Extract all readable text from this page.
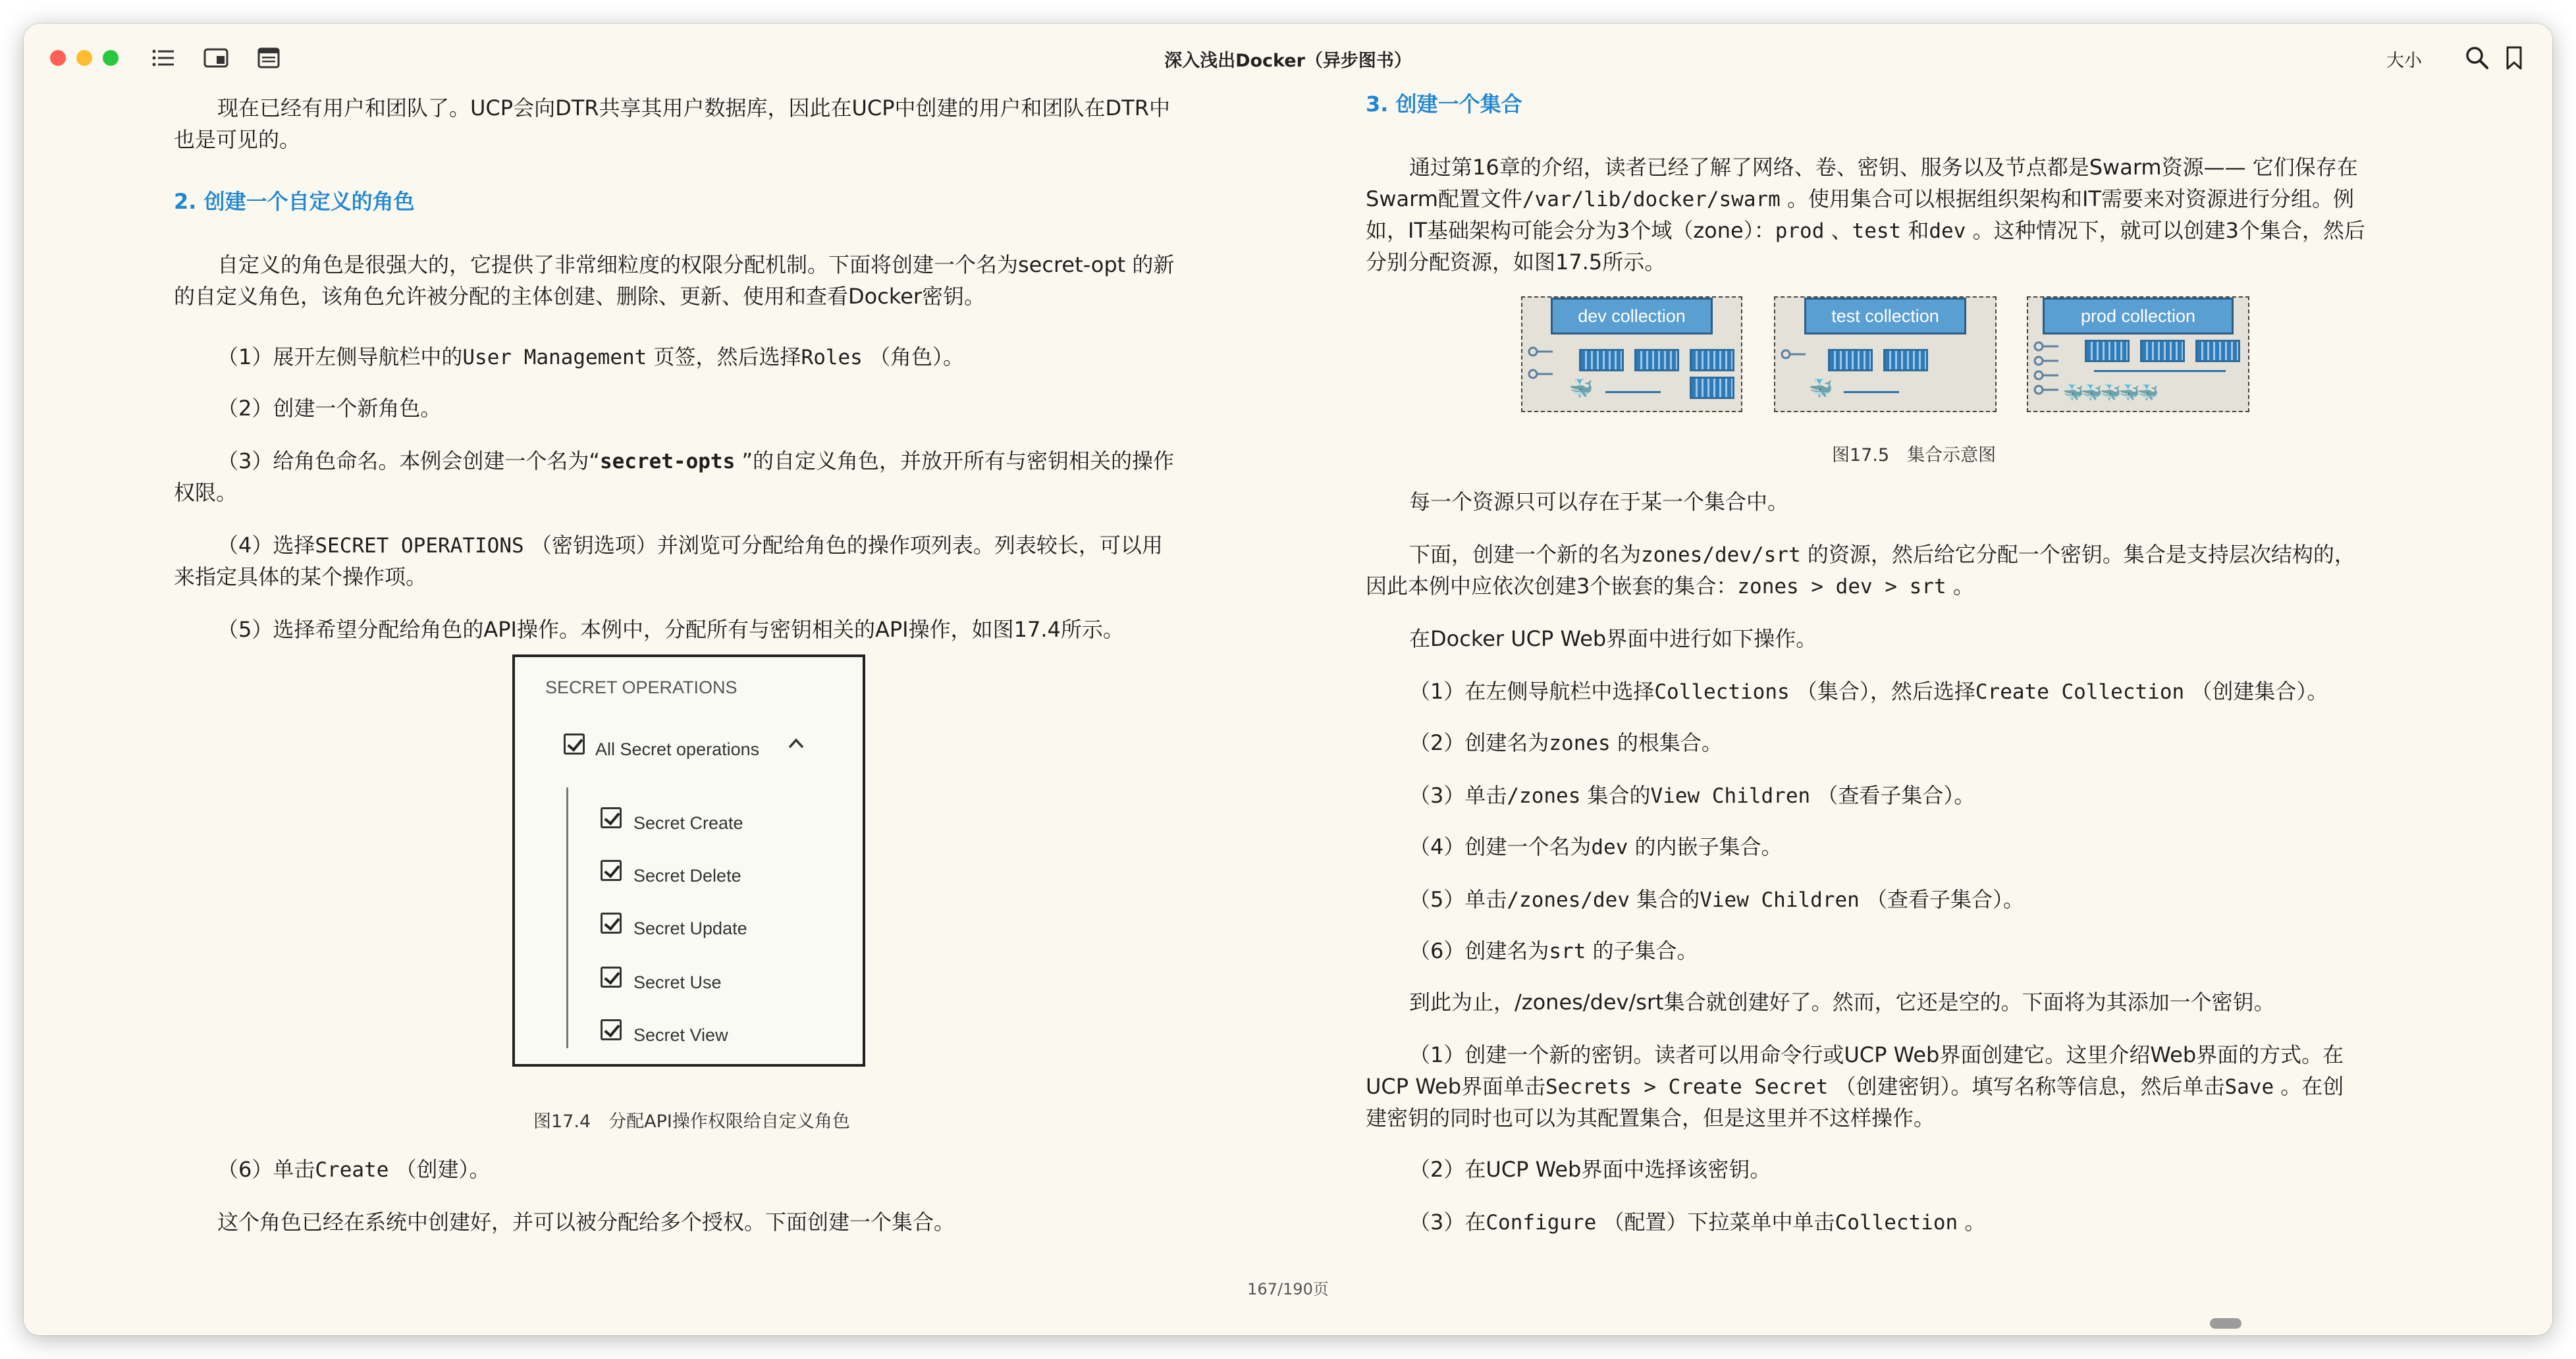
深入浅出Docker（异步图书）	大小

现在已经有用户和团队了。UCP会向DTR共享其用户数据库，因此在UCP中创建的用户和团队在DTR中

也是可见的。

2. 创建一个自定义的角色

自定义的角色是很强大的，它提供了非常细粒度的权限分配机制。下面将创建一个名为secret-opt 的新

的自定义角色，该角色允许被分配的主体创建、删除、更新、使用和查看Docker密钥。

（1）展开左侧导航栏中的User Management 页签，然后选择Roles （角色）。

（2）创建一个新角色。

（3）给角色命名。本例会创建一个名为“secret-opts ”的自定义角色，并放开所有与密钥相关的操作

权限。

（4）选择SECRET OPERATIONS （密钥选项）并浏览可分配给角色的操作项列表。列表较长，可以用

来指定具体的某个操作项。

（5）选择希望分配给角色的API操作。本例中，分配所有与密钥相关的API操作，如图17.4所示。

SECRET OPERATIONS
All Secret operations
Secret Create
Secret Delete
Secret Update
Secret Use
Secret View
图17.4　分配API操作权限给自定义角色

（6）单击Create （创建）。

这个角色已经在系统中创建好，并可以被分配给多个授权。下面创建一个集合。

3. 创建一个集合

通过第16章的介绍，读者已经了解了网络、卷、密钥、服务以及节点都是Swarm资源—— 它们保存在

Swarm配置文件/var/lib/docker/swarm 。使用集合可以根据组织架构和IT需要来对资源进行分组。例

如，IT基础架构可能会分为3个域（zone）：prod 、test 和dev 。这种情况下，就可以创建3个集合，然后

分别分配资源，如图17.5所示。

dev collection
🐳
test collection
🐳
prod collection
🐳🐳🐳🐳🐳
图17.5　集合示意图

每一个资源只可以存在于某一个集合中。

下面，创建一个新的名为zones/dev/srt 的资源，然后给它分配一个密钥。集合是支持层次结构的，

因此本例中应依次创建3个嵌套的集合：zones > dev > srt 。

在Docker UCP Web界面中进行如下操作。

（1）在左侧导航栏中选择Collections （集合），然后选择Create Collection （创建集合）。

（2）创建名为zones 的根集合。

（3）单击/zones 集合的View Children （查看子集合）。

（4）创建一个名为dev 的内嵌子集合。

（5）单击/zones/dev 集合的View Children （查看子集合）。

（6）创建名为srt 的子集合。

到此为止，/zones/dev/srt集合就创建好了。然而，它还是空的。下面将为其添加一个密钥。

（1）创建一个新的密钥。读者可以用命令行或UCP Web界面创建它。这里介绍Web界面的方式。在

UCP Web界面单击Secrets > Create Secret （创建密钥）。填写名称等信息，然后单击Save 。在创

建密钥的同时也可以为其配置集合，但是这里并不这样操作。

（2）在UCP Web界面中选择该密钥。

（3）在Configure （配置）下拉菜单中单击Collection 。

167/190页
